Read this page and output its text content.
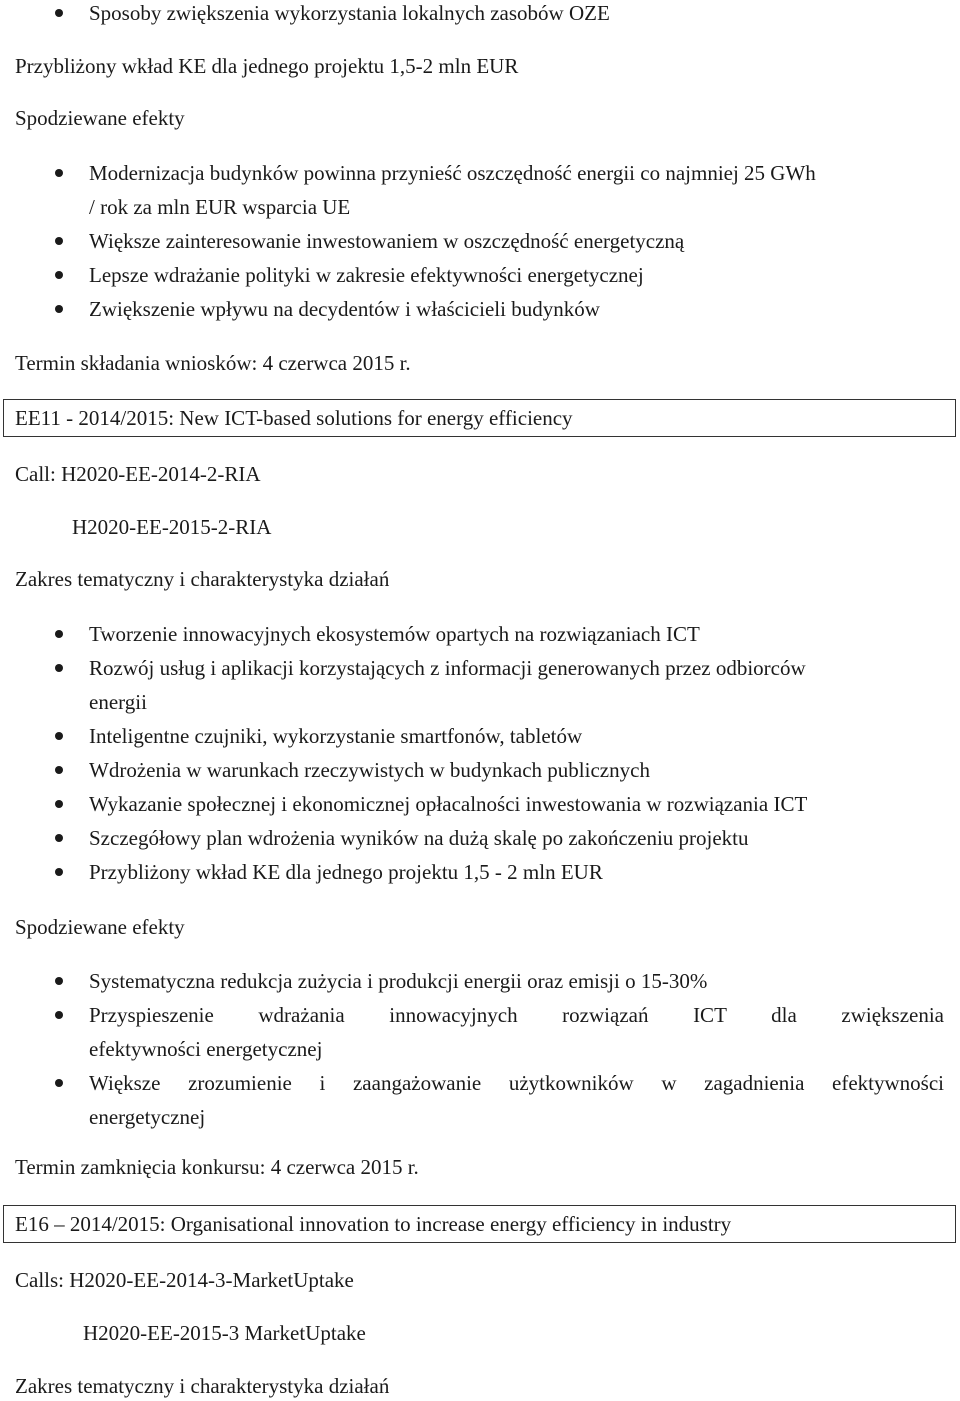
Sposoby zwiększenia wykorzystania lokalnych zasobów OZE
Przybliżony wkład KE dla jednego projektu 1,5-2 mln EUR
Spodziewane efekty
Modernizacja budynków powinna przynieść oszczędność energii co najmniej 25 GWh
/ rok za mln EUR wsparcia UE
Większe zainteresowanie inwestowaniem w oszczędność energetyczną
Lepsze wdrażanie polityki w zakresie efektywności energetycznej
Zwiększenie wpływu na decydentów i właścicieli budynków
Termin składania wniosków: 4 czerwca 2015 r.
EE11 - 2014/2015: New ICT-based solutions for energy efficiency
Call: H2020-EE-2014-2-RIA
H2020-EE-2015-2-RIA
Zakres tematyczny i charakterystyka działań
Tworzenie innowacyjnych ekosystemów opartych na rozwiązaniach ICT
Rozwój usług i aplikacji korzystających z informacji generowanych przez odbiorców
energii
Inteligentne czujniki, wykorzystanie smartfonów, tabletów
Wdrożenia w warunkach rzeczywistych w budynkach publicznych
Wykazanie społecznej i ekonomicznej opłacalności inwestowania w rozwiązania ICT
Szczegółowy plan wdrożenia wyników na dużą skalę po zakończeniu projektu
Przybliżony wkład KE dla jednego projektu 1,5 - 2 mln EUR
Spodziewane efekty
Systematyczna redukcja zużycia i produkcji energii oraz emisji o 15-30%
Przyspieszenie wdrażania innowacyjnych rozwiązań ICT dla zwiększenia
efektywności energetycznej
Większe zrozumienie i zaangażowanie użytkowników w zagadnienia efektywności
energetycznej
Termin zamknięcia konkursu: 4 czerwca 2015 r.
E16 – 2014/2015: Organisational innovation to increase energy efficiency in industry
Calls: H2020-EE-2014-3-MarketUptake
H2020-EE-2015-3 MarketUptake
Zakres tematyczny i charakterystyka działań
